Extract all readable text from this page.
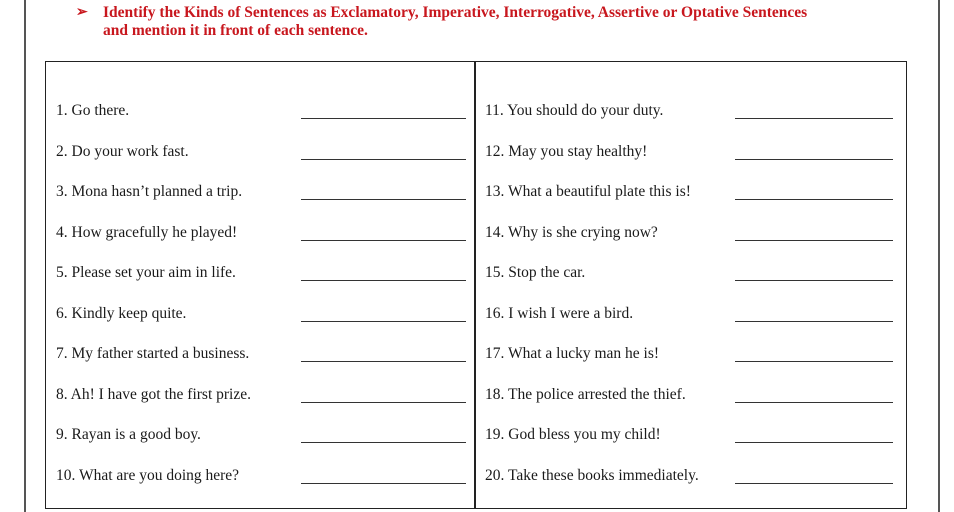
➢ Identify the Kinds of Sentences as Exclamatory, Imperative, Interrogative, Assertive or Optative Sentences
and mention it in front of each sentence.
1. Go there.
2. Do your work fast.
3. Mona hasn’t planned a trip.
4. How gracefully he played!
5. Please set your aim in life.
6. Kindly keep quite.
7. My father started a business.
8. Ah! I have got the first prize.
9. Rayan is a good boy.
10. What are you doing here?
11. You should do your duty.
12. May you stay healthy!
13. What a beautiful plate this is!
14. Why is she crying now?
15. Stop the car.
16. I wish I were a bird.
17. What a lucky man he is!
18. The police arrested the thief.
19. God bless you my child!
20. Take these books immediately.
